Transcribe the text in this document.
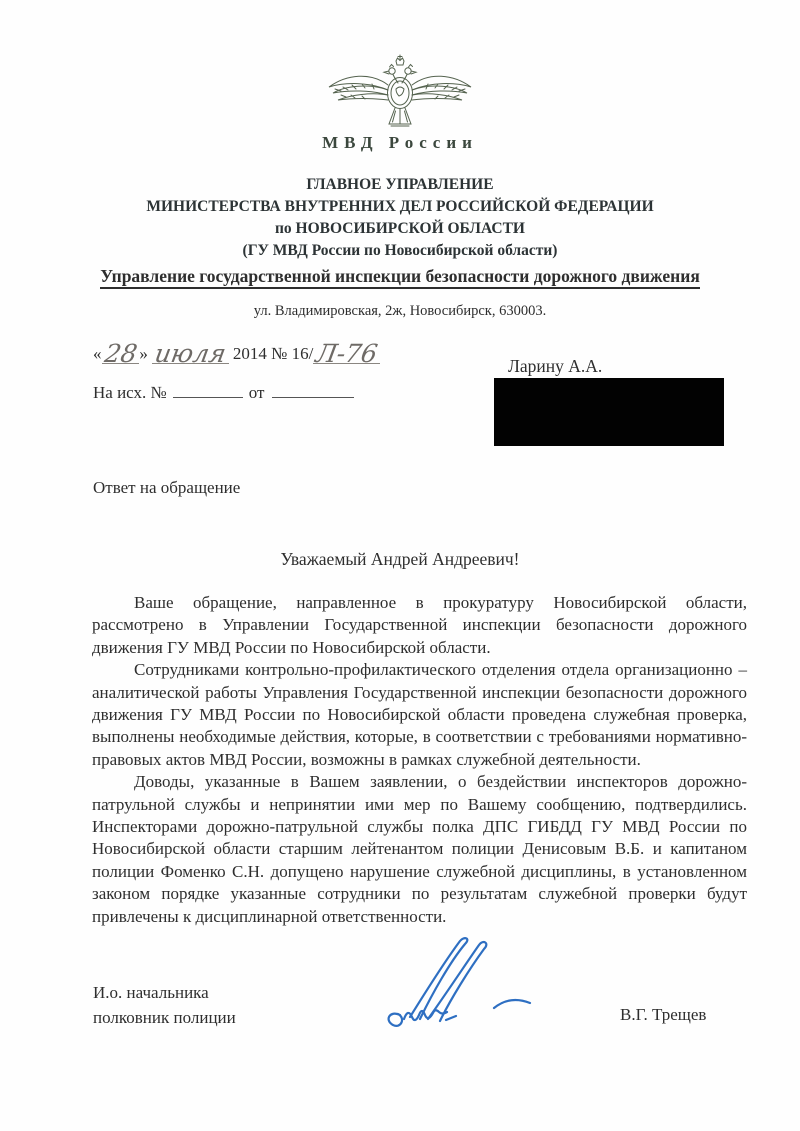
МВД России
ГЛАВНОЕ УПРАВЛЕНИЕ
МИНИСТЕРСТВА ВНУТРЕННИХ ДЕЛ РОССИЙСКОЙ ФЕДЕРАЦИИ
по НОВОСИБИРСКОЙ ОБЛАСТИ
(ГУ МВД России по Новосибирской области)
Управление государственной инспекции безопасности дорожного движения
ул. Владимировская, 2ж, Новосибирск, 630003.
«28» июля 2014 № 16/Л-76
На исх. №	от
Ларину А.А.
Ответ на обращение
Уважаемый Андрей Андреевич!

Ваше обращение, направленное в прокуратуру Новосибирской области, рассмотрено в Управлении Государственной инспекции безопасности дорожного движения ГУ МВД России по Новосибирской области.

Сотрудниками контрольно-профилактического отделения отдела организационно – аналитической работы Управления Государственной инспекции безопасности дорожного движения ГУ МВД России по Новосибирской области проведена служебная проверка, выполнены необходимые действия, которые, в соответствии с требованиями нормативно-правовых актов МВД России, возможны в рамках служебной деятельности.

Доводы, указанные в Вашем заявлении, о бездействии инспекторов дорожно-патрульной службы и непринятии ими мер по Вашему сообщению, подтвердились. Инспекторами дорожно-патрульной службы полка ДПС ГИБДД ГУ МВД России по Новосибирской области старшим лейтенантом полиции Денисовым В.Б. и капитаном полиции Фоменко С.Н. допущено нарушение служебной дисциплины, в установленном законом порядке указанные сотрудники по результатам служебной проверки будут привлечены к дисциплинарной ответственности.

И.о. начальника
полковник полиции	В.Г. Трещев
